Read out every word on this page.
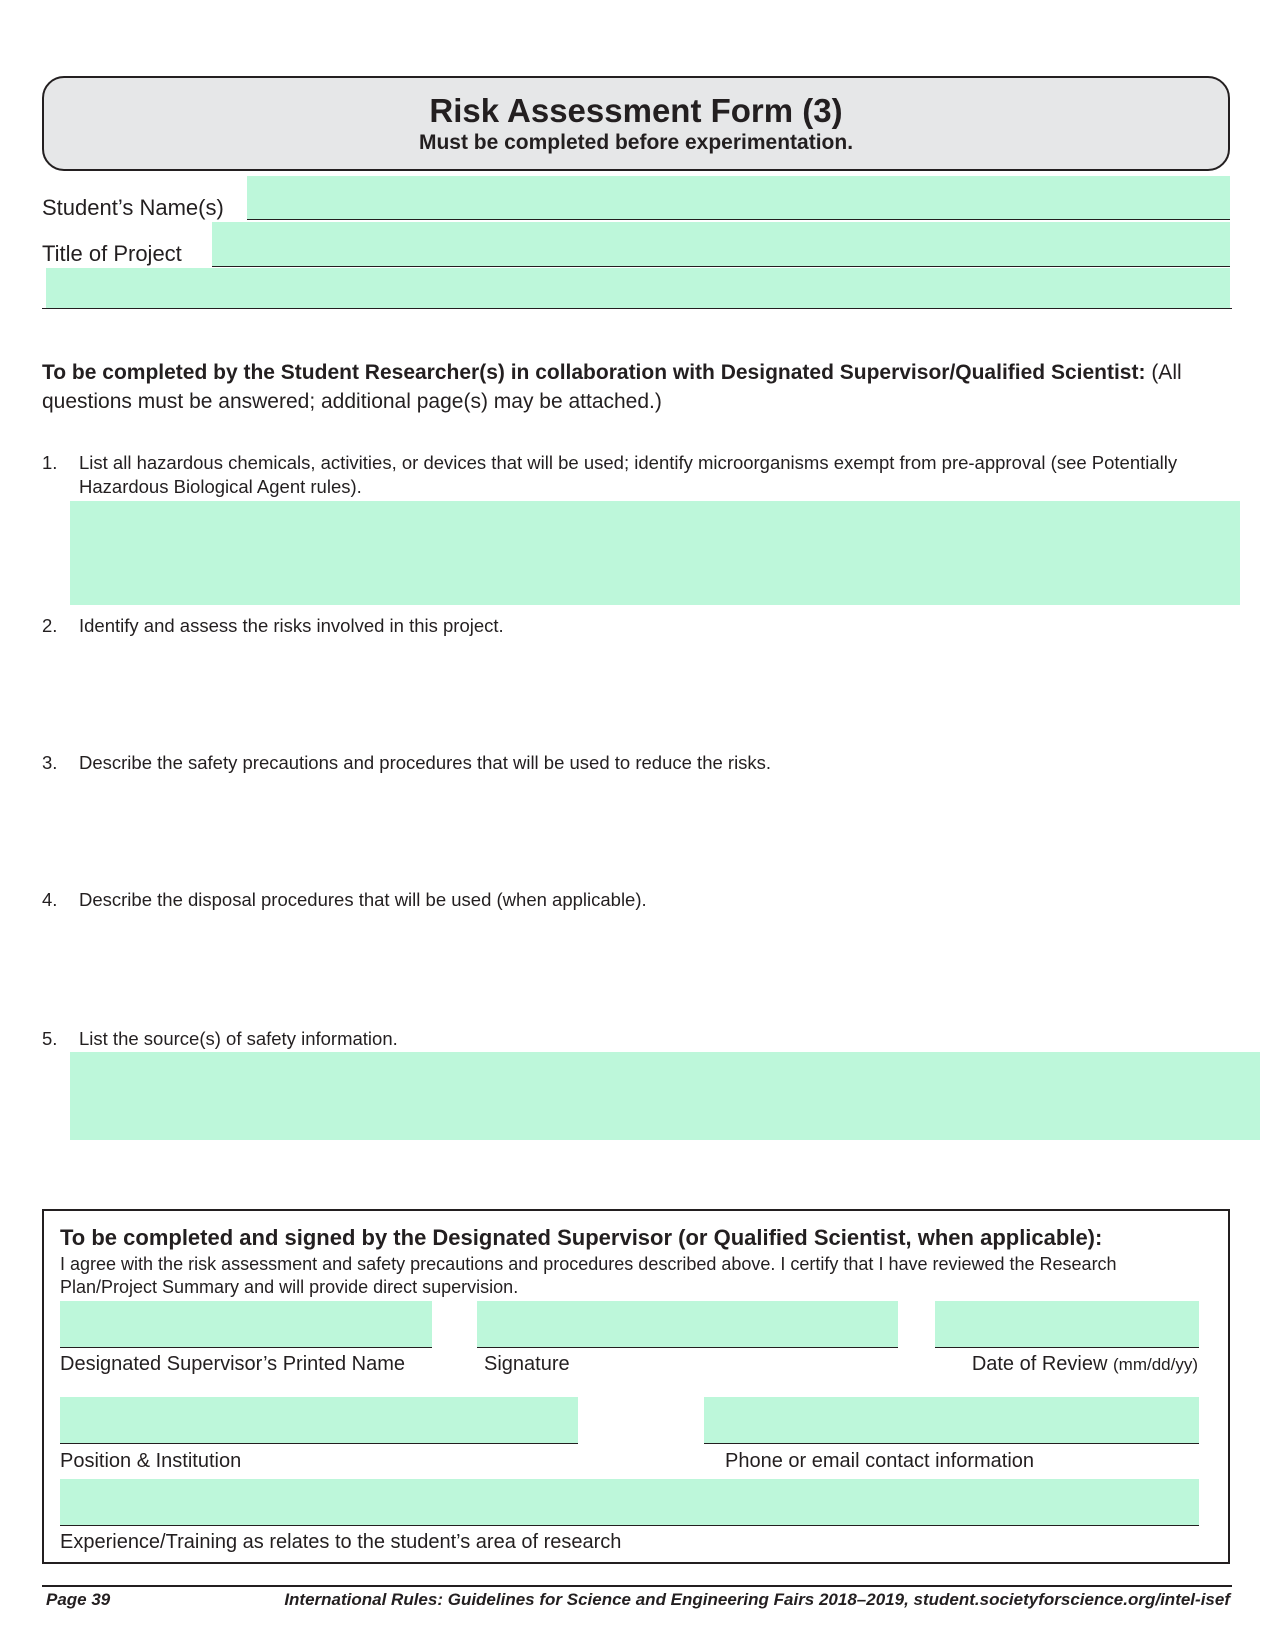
Risk Assessment Form (3)
Must be completed before experimentation.
Student’s Name(s)
Title of Project
To be completed by the Student Researcher(s) in collaboration with Designated Supervisor/Qualified Scientist: (All questions must be answered; additional page(s) may be attached.)
1. List all hazardous chemicals, activities, or devices that will be used; identify microorganisms exempt from pre-approval (see Potentially Hazardous Biological Agent rules).
2. Identify and assess the risks involved in this project.
3. Describe the safety precautions and procedures that will be used to reduce the risks.
4. Describe the disposal procedures that will be used (when applicable).
5. List the source(s) of safety information.
To be completed and signed by the Designated Supervisor (or Qualified Scientist, when applicable):
I agree with the risk assessment and safety precautions and procedures described above. I certify that I have reviewed the Research Plan/Project Summary and will provide direct supervision.
Designated Supervisor’s Printed Name	Signature	Date of Review (mm/dd/yy)
Position & Institution	Phone or email contact information
Experience/Training as relates to the student’s area of research
Page 39	International Rules: Guidelines for Science and Engineering Fairs 2018–2019, student.societyforscience.org/intel-isef
